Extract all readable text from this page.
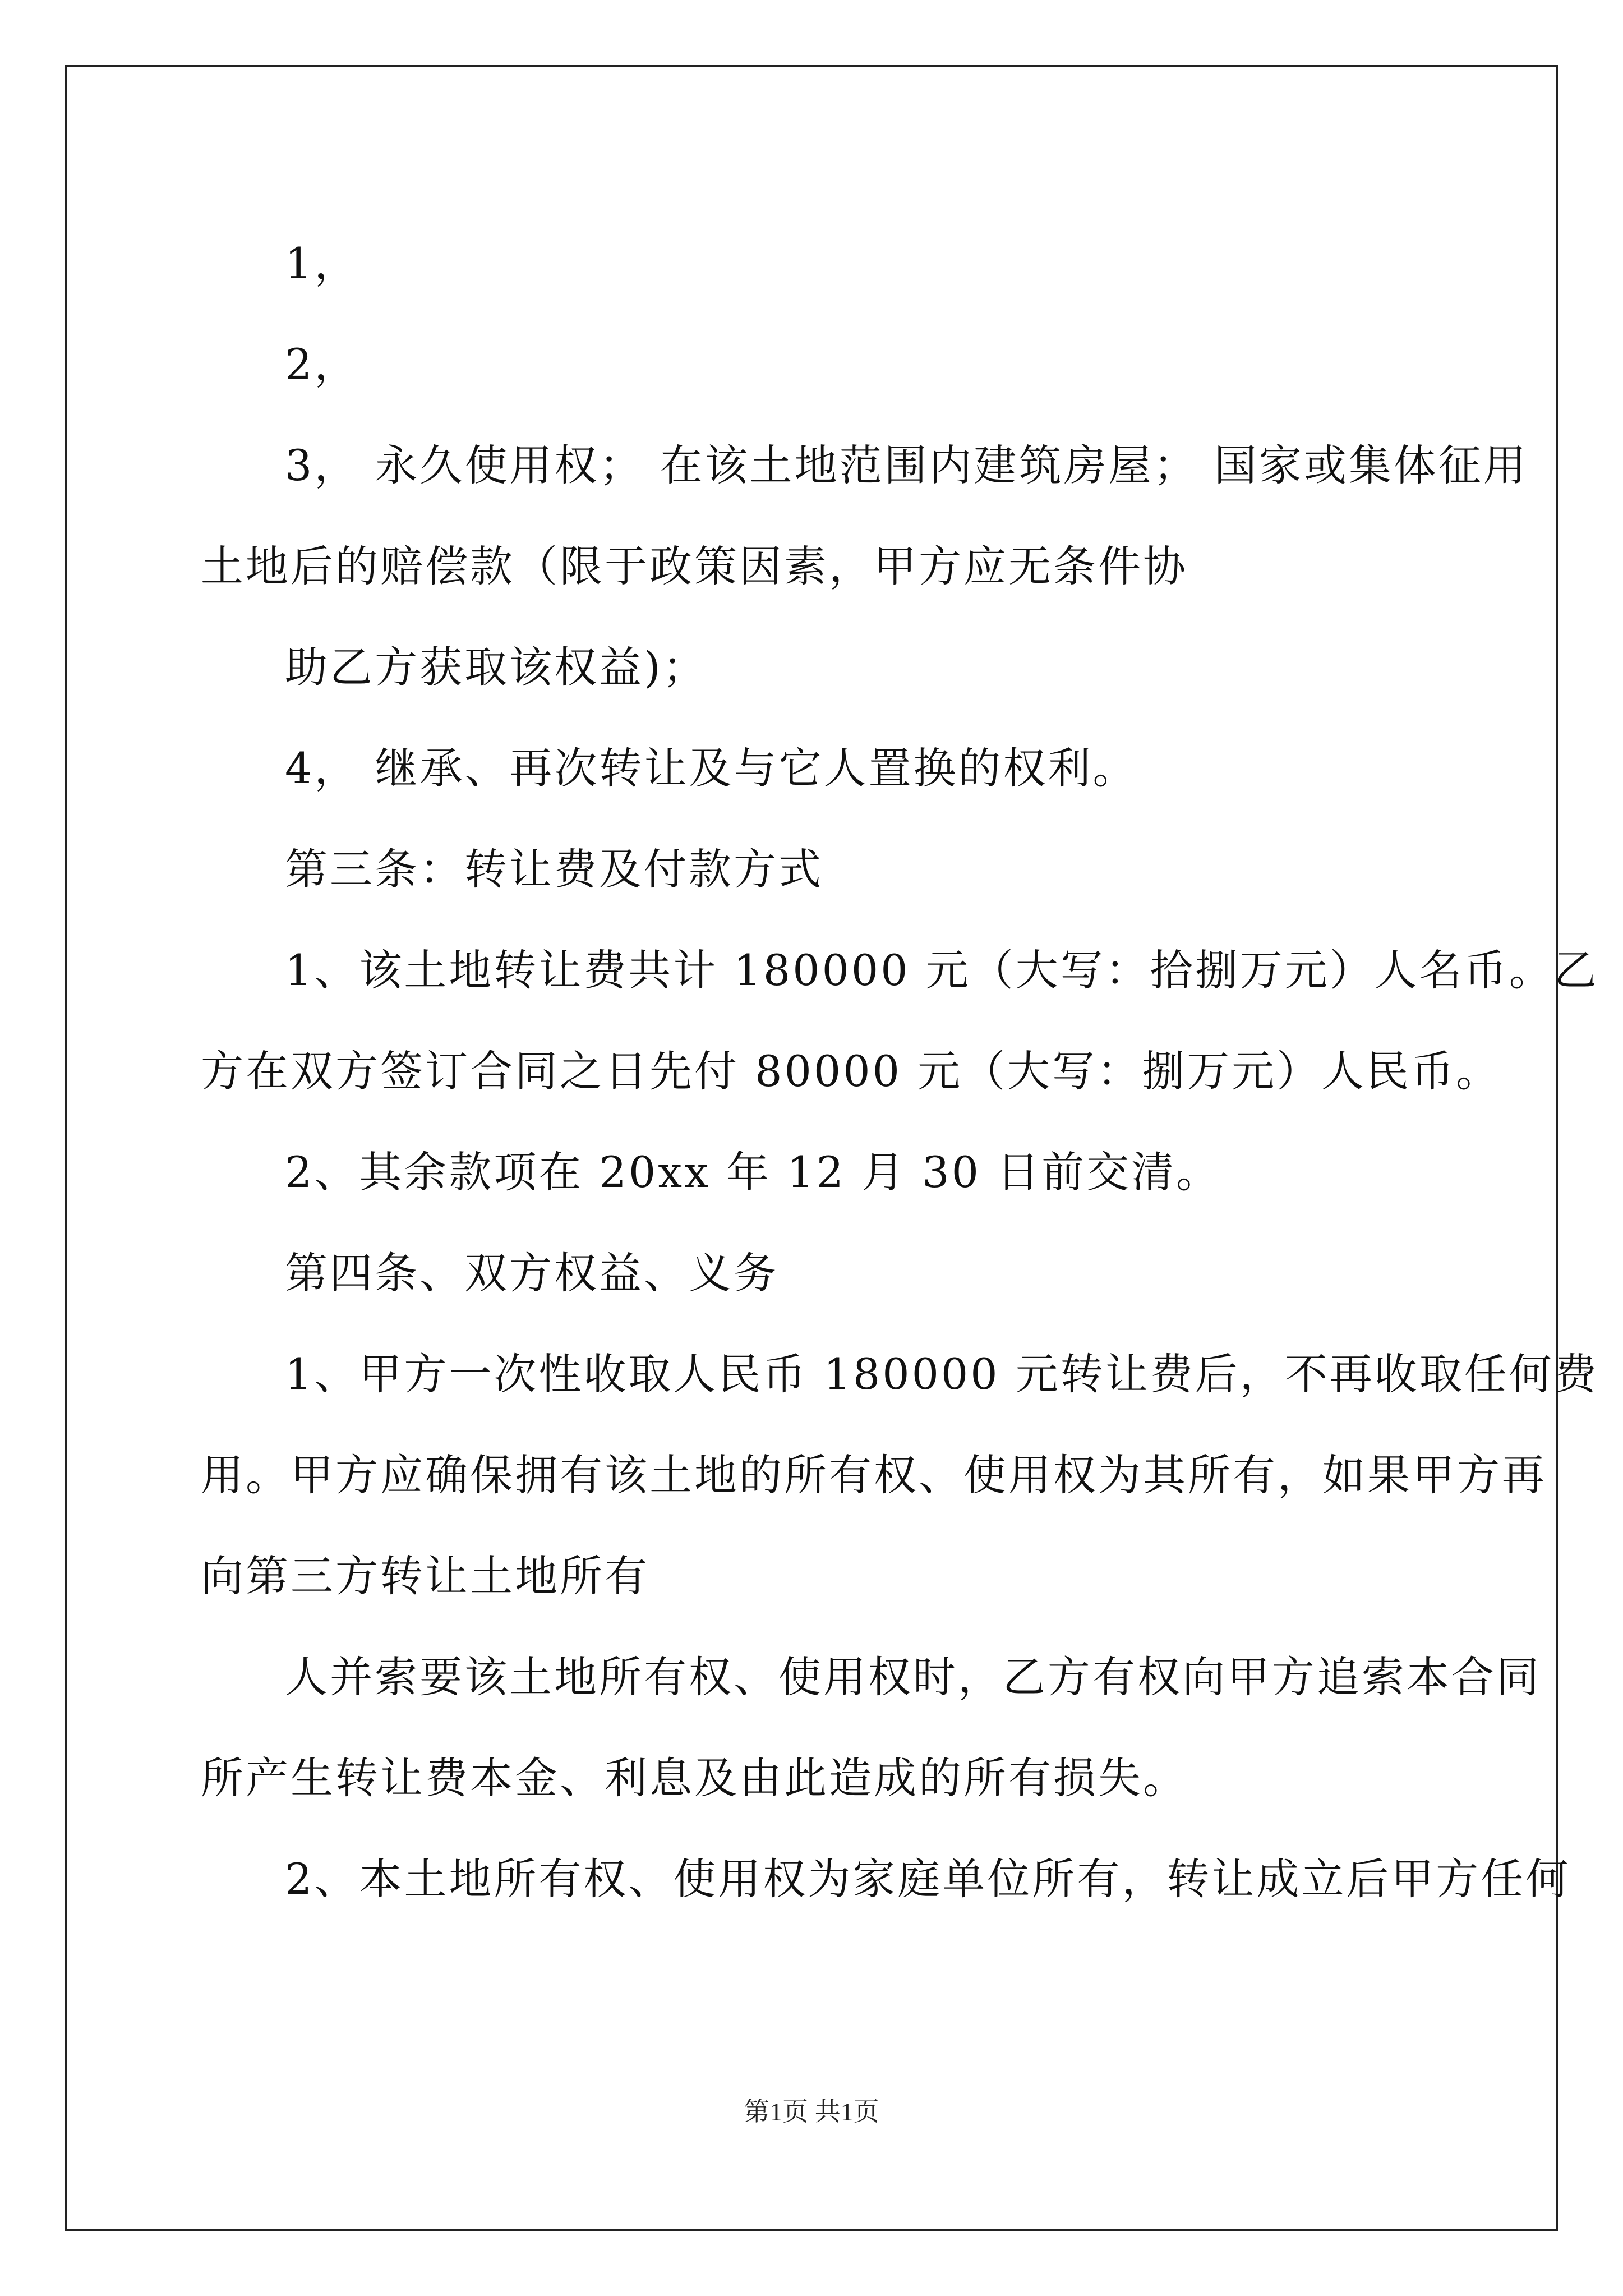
1，

2，

3， 永久使用权； 在该土地范围内建筑房屋； 国家或集体征用

土地后的赔偿款（限于政策因素，甲方应无条件协

助乙方获取该权益)；

4， 继承、再次转让及与它人置换的权利。

第三条：转让费及付款方式

1、该土地转让费共计 180000 元（大写：拾捌万元）人名币。乙

方在双方签订合同之日先付 80000 元（大写：捌万元）人民币。

2、其余款项在 20xx 年 12 月 30 日前交清。

第四条、双方权益、义务

1、甲方一次性收取人民币 180000 元转让费后，不再收取任何费

用。甲方应确保拥有该土地的所有权、使用权为其所有，如果甲方再

向第三方转让土地所有

人并索要该土地所有权、使用权时，乙方有权向甲方追索本合同

所产生转让费本金、利息及由此造成的所有损失。

2、本土地所有权、使用权为家庭单位所有，转让成立后甲方任何

第1页 共1页
